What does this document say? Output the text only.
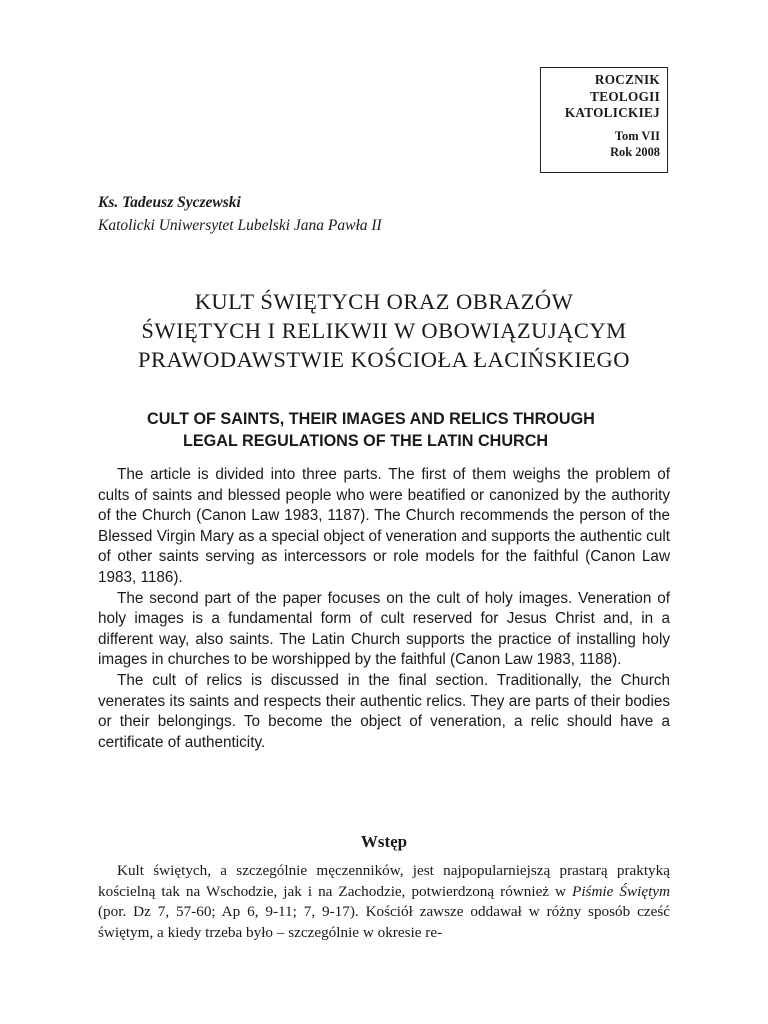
ROCZNIK
TEOLOGII
KATOLICKIEJ
Tom VII
Rok 2008
Ks. Tadeusz Syczewski
Katolicki Uniwersytet Lubelski Jana Pawła II
KULT ŚWIĘTYCH ORAZ OBRAZÓW
ŚWIĘTYCH I RELIKWII W OBOWIĄZUJĄCYM
PRAWODAWSTWIE KOŚCIOŁA ŁACIŃSKIEGO
CULT OF SAINTS, THEIR IMAGES AND RELICS THROUGH
LEGAL REGULATIONS OF THE LATIN CHURCH

The article is divided into three parts. The first of them weighs the problem of cults of saints and blessed people who were beatified or canonized by the authority of the Church (Canon Law 1983, 1187). The Church recommends the person of the Blessed Virgin Mary as a special object of veneration and supports the authentic cult of other saints serving as intercessors or role models for the faithful (Canon Law 1983, 1186).

The second part of the paper focuses on the cult of holy images. Veneration of holy images is a fundamental form of cult reserved for Jesus Christ and, in a different way, also saints. The Latin Church supports the practice of installing holy images in churches to be worshipped by the faithful (Canon Law 1983, 1188).

The cult of relics is discussed in the final section. Traditionally, the Church venerates its saints and respects their authentic relics. They are parts of their bodies or their belongings. To become the object of veneration, a relic should have a certificate of authenticity.

Wstęp

Kult świętych, a szczególnie męczenników, jest najpopularniejszą prastarą praktyką kościelną tak na Wschodzie, jak i na Zachodzie, potwierdzoną również w Piśmie Świętym (por. Dz 7, 57-60; Ap 6, 9-11; 7, 9-17). Kościół zawsze oddawał w różny sposób cześć świętym, a kiedy trzeba było – szczególnie w okresie re-
